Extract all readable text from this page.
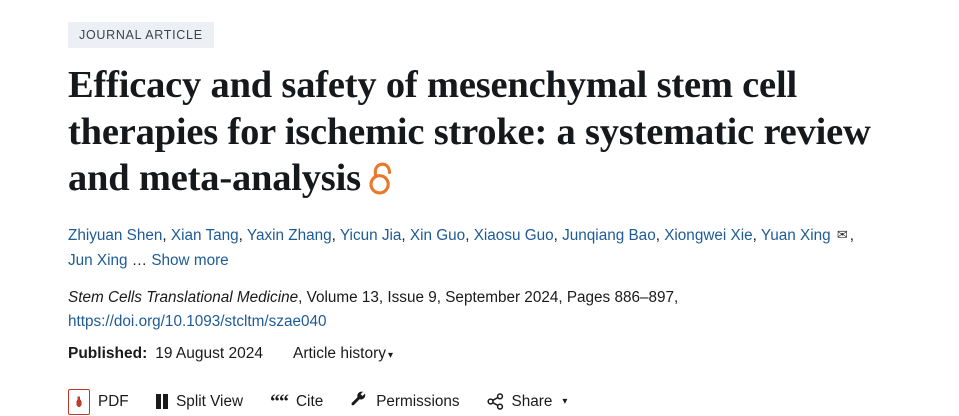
JOURNAL ARTICLE
Efficacy and safety of mesenchymal stem cell therapies for ischemic stroke: a systematic review and meta-analysis
Zhiyuan Shen, Xian Tang, Yaxin Zhang, Yicun Jia, Xin Guo, Xiaosu Guo, Junqiang Bao, Xiongwei Xie, Yuan Xing ✉ , Jun Xing … Show more
Stem Cells Translational Medicine, Volume 13, Issue 9, September 2024, Pages 886–897,
https://doi.org/10.1093/stcltm/szae040
Published: 19 August 2024 Article history ▾
PDF	Split View ““ Cite	Permissions	Share ▾
